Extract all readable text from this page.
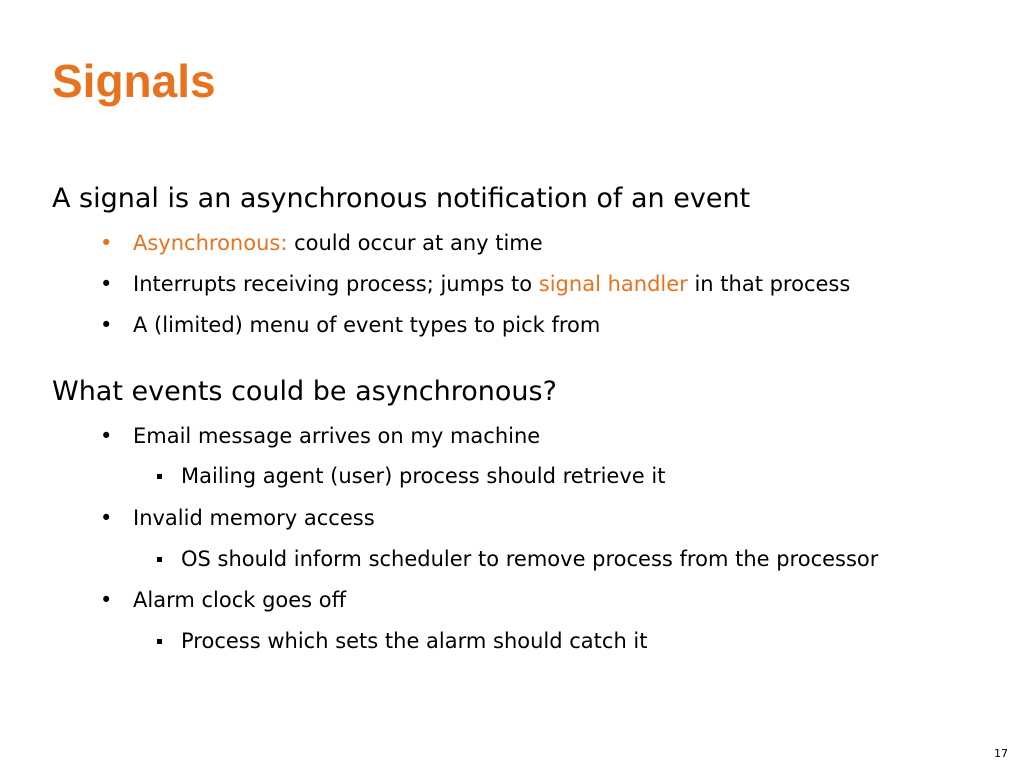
Signals
A signal is an asynchronous notification of an event
• Asynchronous: could occur at any time
• Interrupts receiving process; jumps to signal handler in that process
• A (limited) menu of event types to pick from
What events could be asynchronous?
• Email message arrives on my machine
Mailing agent (user) process should retrieve it
• Invalid memory access
OS should inform scheduler to remove process from the processor
• Alarm clock goes off
Process which sets the alarm should catch it
17
